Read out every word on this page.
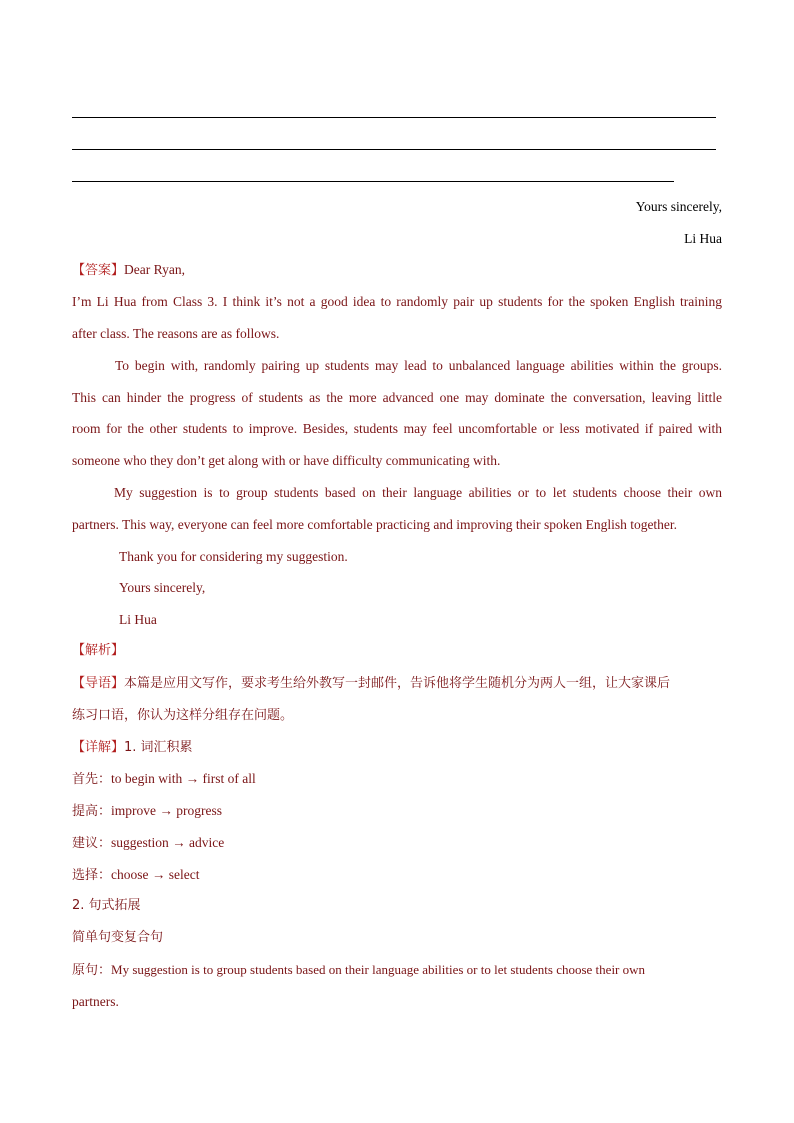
Yours sincerely,
Li Hua
【答案】Dear Ryan,
I’m Li Hua from Class 3. I think it’s not a good idea to randomly pair up students for the spoken English training
after class. The reasons are as follows.
To begin with, randomly pairing up students may lead to unbalanced language abilities within the groups.
This can hinder the progress of students as the more advanced one may dominate the conversation, leaving little
room for the other students to improve. Besides, students may feel uncomfortable or less motivated if paired with
someone who they don’t get along with or have difficulty communicating with.
My suggestion is to group students based on their language abilities or to let students choose their own
partners. This way, everyone can feel more comfortable practicing and improving their spoken English together.
Thank you for considering my suggestion.
Yours sincerely,
Li Hua
【解析】
【导语】本篇是应用文写作，要求考生给外教写一封邮件，告诉他将学生随机分为两人一组，让大家课后
练习口语，你认为这样分组存在问题。
【详解】1. 词汇积累
首先：to begin with → first of all
提高：improve → progress
建议：suggestion → advice
选择：choose → select
2. 句式拓展
简单句变复合句
原句：My suggestion is to group students based on their language abilities or to let students choose their own
partners.
